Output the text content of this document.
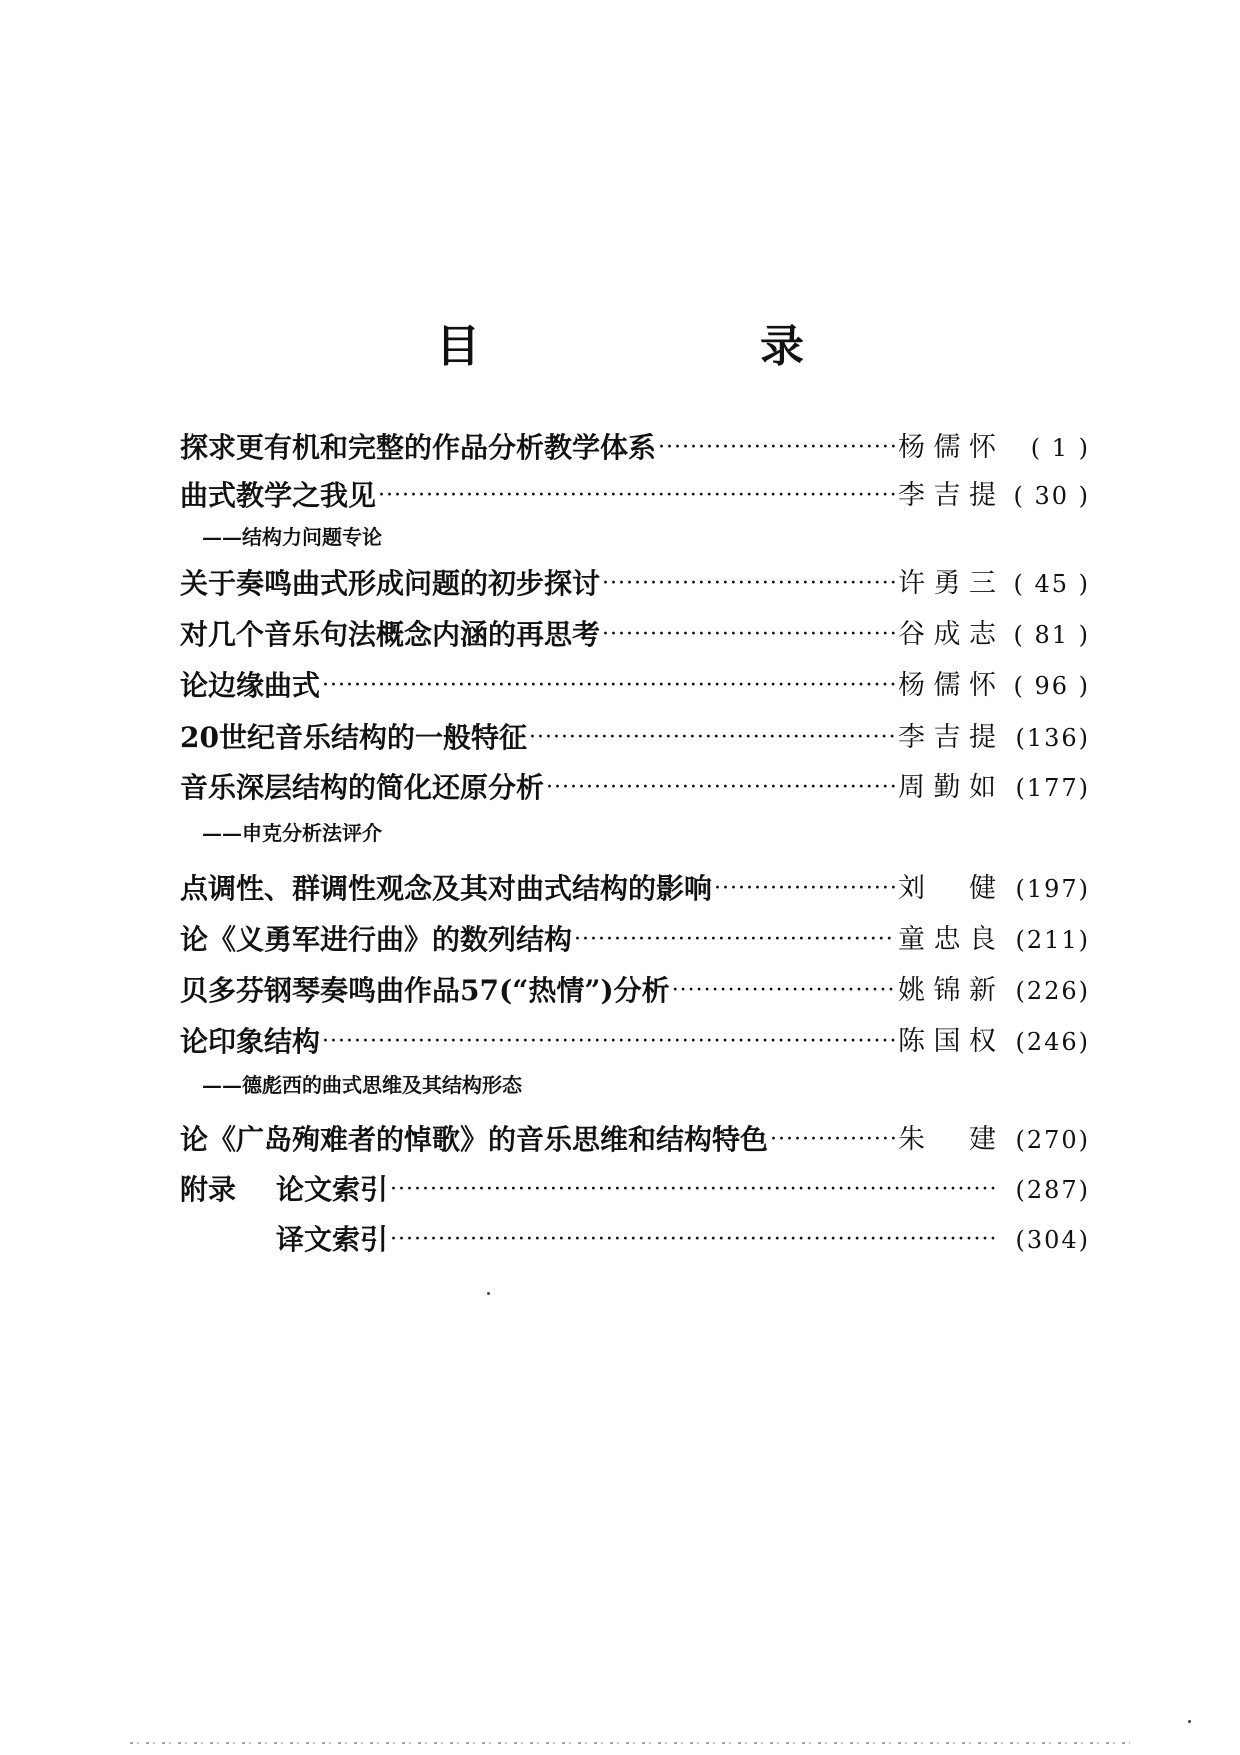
目　　录
探求更有机和完整的作品分析教学体系 ·····	杨儒怀	( 1 )
曲式教学之我见 ·····	李吉提 ( 30 )
——结构力问题专论
关于奏鸣曲式形成问题的初步探讨 ·····	许勇三 ( 45 )
对几个音乐句法概念内涵的再思考 ·····	谷成志 ( 81 )
论边缘曲式 ·····	杨儒怀 ( 96 )
20世纪音乐结构的一般特征 ·····	李吉提 (136)
音乐深层结构的简化还原分析 ·····	周勤如 (177)
——申克分析法评介
点调性、群调性观念及其对曲式结构的影响 ·····	刘　健 (197)
论《义勇军进行曲》的数列结构 ·····	童忠良 (211)
贝多芬钢琴奏鸣曲作品57(“热情”)分析 ·····	姚锦新 (226)
论印象结构 ·····	陈国权 (246)
——德彪西的曲式思维及其结构形态
论《广岛殉难者的悼歌》的音乐思维和结构特色 ·····	朱　建 (270)
附录 论文索引 ·····	(287)
译文索引 ·····	(304)
